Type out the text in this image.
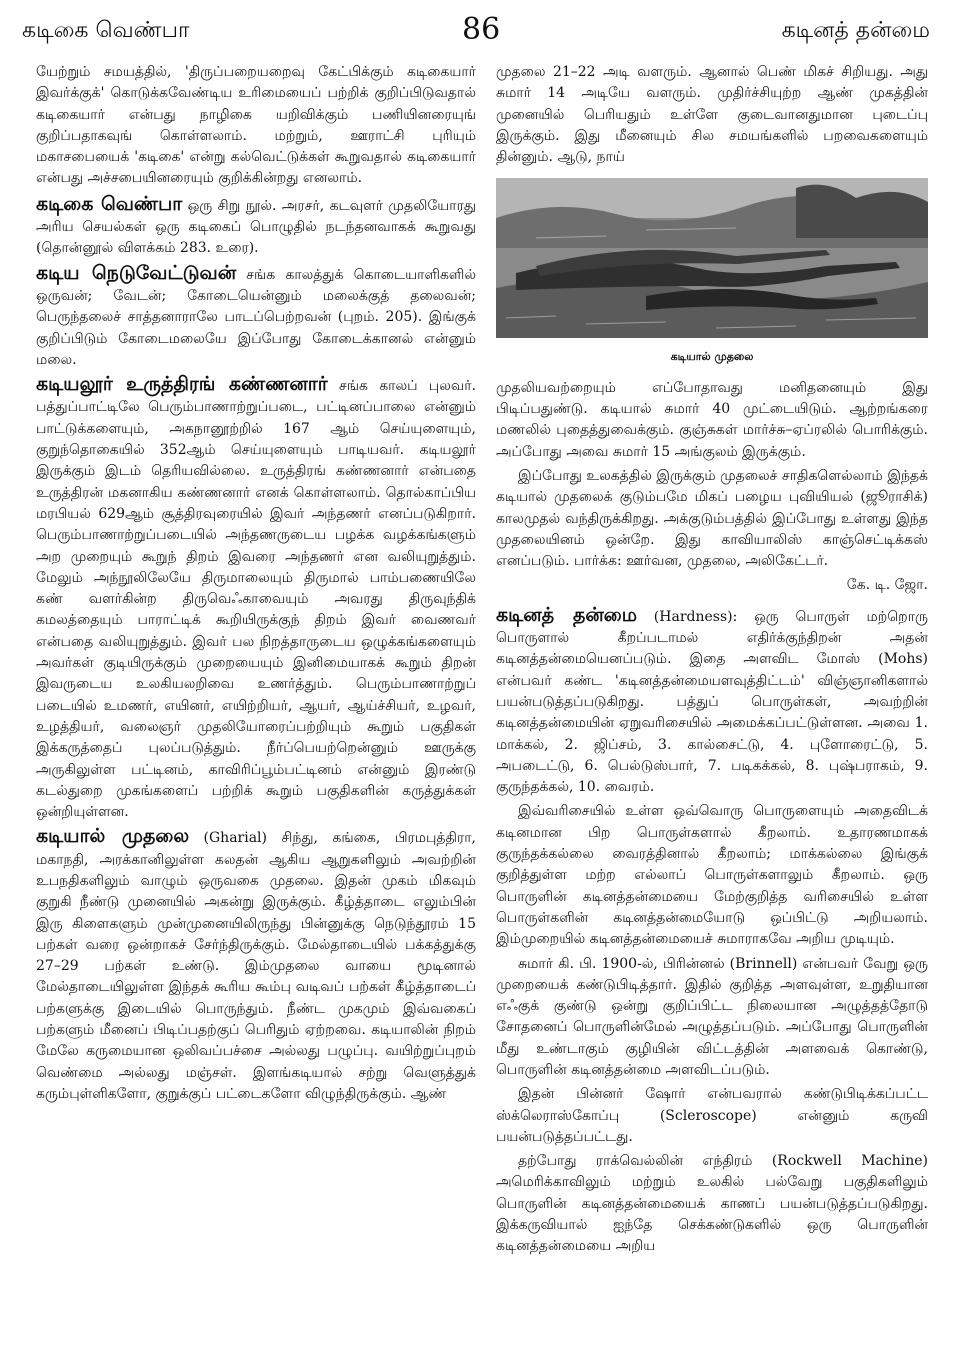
கடிகை வெண்பா	86	கடினத் தன்மை

யேற்றும் சமயத்தில், 'திருப்பறையறைவு கேட்பிக்கும் கடிகையார் இவர்க்குக்' கொடுக்கவேண்டிய உரிமையைப் பற்றிக் குறிப்பிடுவதால் கடிகையார் என்பது நாழிகை யறிவிக்கும் பணியினரையுங் குறிப்பதாகவுங் கொள்ளலாம். மற்றும், ஊராட்சி புரியும் மகாசபையைக் 'கடிகை' என்று கல்வெட்டுக்கள் கூறுவதால் கடிகையார் என்பது அச்சபையினரையும் குறிக்கின்றது எனலாம்.

கடிகை வெண்பா ஒரு சிறு நூல். அரசர், கடவுளர் முதலியோரது அரிய செயல்கள் ஒரு கடிகைப் பொழுதில் நடந்தனவாகக் கூறுவது (தொன்னூல் விளக்கம் 283. உரை).

கடிய நெடுவேட்டுவன் சங்க காலத்துக் கொடையாளிகளில் ஒருவன்; வேடன்; கோடையென்னும் மலைக்குத் தலைவன்; பெருந்தலைச் சாத்தனாராலே பாடப்பெற்றவன் (புறம். 205). இங்குக் குறிப்பிடும் கோடைமலையே இப்போது கோடைக்கானல் என்னும் மலை.

கடியலூர் உருத்திரங் கண்ணனார் சங்க காலப் புலவர். பத்துப்பாட்டிலே பெரும்பாணாற்றுப்படை, பட்டினப்பாலை என்னும் பாட்டுக்களையும், அகநானூற்றில் 167 ஆம் செய்யுளையும், குறுந்தொகையில் 352ஆம் செய்யுளையும் பாடியவர். கடியலூர் இருக்கும் இடம் தெரியவில்லை. உருத்திரங் கண்ணனார் என்பதை உருத்திரன் மகனாகிய கண்ணனார் எனக் கொள்ளலாம். தொல்காப்பிய மரபியல் 629ஆம் சூத்திரவுரையில் இவர் அந்தணர் எனப்படுகிறார். பெரும்பாணாற்றுப்படையில் அந்தணருடைய பழக்க வழக்கங்களும் அற முறையும் கூறுந் திறம் இவரை அந்தணர் என வலியுறுத்தும். மேலும் அந்நூலிலேயே திருமாலையும் திருமால் பாம்பணையிலே கண் வளர்கின்ற திருவெஃகாவையும் அவரது திருவுந்திக் கமலத்தையும் பாராட்டிக் கூறியிருக்குந் திறம் இவர் வைணவர் என்பதை வலியுறுத்தும். இவர் பல நிறத்தாருடைய ஒழுக்கங்களையும் அவர்கள் குடியிருக்கும் முறையையும் இனிமையாகக் கூறும் திறன் இவருடைய உலகியலறிவை உணர்த்தும். பெரும்பாணாற்றுப் படையில் உமணர், எயினர், எயிற்றியர், ஆயர், ஆய்ச்சியர், உழவர், உழத்தியர், வலைஞர் முதலியோரைப்பற்றியும் கூறும் பகுதிகள் இக்கருத்தைப் புலப்படுத்தும். நீர்ப்பெயற்றென்னும் ஊருக்கு அருகிலுள்ள பட்டினம், காவிரிப்பூம்பட்டினம் என்னும் இரண்டு கடல்துறை முகங்களைப் பற்றிக் கூறும் பகுதிகளின் கருத்துக்கள் ஒன்றியுள்ளன.

கடியால் முதலை (Gharial) சிந்து, கங்கை, பிரமபுத்திரா, மகாநதி, அரக்கானிலுள்ள கலதன் ஆகிய ஆறுகளிலும் அவற்றின் உபநதிகளிலும் வாழும் ஒருவகை முதலை. இதன் முகம் மிகவும் குறுகி நீண்டு முனையில் அகன்று இருக்கும். கீழ்த்தாடை எலும்பின் இரு கிளைகளும் முன்முனையிலிருந்து பின்னுக்கு நெடுந்தூரம் 15 பற்கள் வரை ஒன்றாகச் சேர்ந்திருக்கும். மேல்தாடையில் பக்கத்துக்கு 27–29 பற்கள் உண்டு. இம்முதலை வாயை மூடினால் மேல்தாடையிலுள்ள இந்தக் கூரிய கூம்பு வடிவப் பற்கள் கீழ்த்தாடைப் பற்களுக்கு இடையில் பொருந்தும். நீண்ட முகமும் இவ்வகைப் பற்களும் மீனைப் பிடிப்பதற்குப் பெரிதும் ஏற்றவை. கடியாலின் நிறம் மேலே கருமையான ஒலிவப்பச்சை அல்லது பழுப்பு. வயிற்றுப்புறம் வெண்மை அல்லது மஞ்சள். இளங்கடியால் சற்று வெளுத்துக் கரும்புள்ளிகளோ, குறுக்குப் பட்டைகளோ விழுந்திருக்கும். ஆண்

முதலை 21–22 அடி வளரும். ஆனால் பெண் மிகச் சிறியது. அது சுமார் 14 அடியே வளரும். முதிர்ச்சியுற்ற ஆண் முகத்தின் முனையில் பெரியதும் உள்ளே குடைவானதுமான புடைப்பு இருக்கும். இது மீனையும் சில சமயங்களில் பறவைகளையும் தின்னும். ஆடு, நாய்

கடியால் முதலை

முதலியவற்றையும் எப்போதாவது மனிதனையும் இது பிடிப்பதுண்டு. கடியால் சுமார் 40 முட்டையிடும். ஆற்றங்கரை மணலில் புதைத்துவைக்கும். குஞ்சுகள் மார்ச்சு–ஏப்ரலில் பொரிக்கும். அப்போது அவை சுமார் 15 அங்குலம் இருக்கும்.

இப்போது உலகத்தில் இருக்கும் முதலைச் சாதிகளெல்லாம் இந்தக் கடியால் முதலைக் குடும்பமே மிகப் பழைய புவியியல் (ஜூராசிக்) காலமுதல் வந்திருக்கிறது. அக்குடும்பத்தில் இப்போது உள்ளது இந்த முதலையினம் ஒன்றே. இது காவியாலிஸ் காஞ்செட்டிக்கஸ் எனப்படும். பார்க்க: ஊர்வன, முதலை, அலிகேட்டர்.

கே. டி. ஜோ.

கடினத் தன்மை (Hardness): ஒரு பொருள் மற்றொரு பொருளால் கீறப்படாமல் எதிர்க்குந்திறன் அதன் கடினத்தன்மையெனப்படும். இதை அளவிட மோஸ் (Mohs) என்பவர் கண்ட 'கடினத்தன்மையளவுத்திட்டம்' விஞ்ஞானிகளால் பயன்படுத்தப்படுகிறது. பத்துப் பொருள்கள், அவற்றின் கடினத்தன்மையின் ஏறுவரிசையில் அமைக்கப்பட்டுள்ளன. அவை 1. மாக்கல், 2. ஜிப்சம், 3. கால்சைட்டு, 4. புளோரைட்டு, 5. அபடைட்டு, 6. பெல்டுஸ்பார், 7. படிகக்கல், 8. புஷ்பராகம், 9. குருந்தக்கல், 10. வைரம்.

இவ்வரிசையில் உள்ள ஒவ்வொரு பொருளையும் அதைவிடக் கடினமான பிற பொருள்களால் கீறலாம். உதாரணமாகக் குருந்தக்கல்லை வைரத்தினால் கீறலாம்; மாக்கல்லை இங்குக் குறித்துள்ள மற்ற எல்லாப் பொருள்களாலும் கீறலாம். ஒரு பொருளின் கடினத்தன்மையை மேற்குறித்த வரிசையில் உள்ள பொருள்களின் கடினத்தன்மையோடு ஒப்பிட்டு அறியலாம். இம்முறையில் கடினத்தன்மையைச் சுமாராகவே அறிய முடியும்.

சுமார் கி. பி. 1900-ல், பிரின்னல் (Brinnell) என்பவர் வேறு ஒரு முறையைக் கண்டுபிடித்தார். இதில் குறித்த அளவுள்ள, உறுதியான எஃகுக் குண்டு ஒன்று குறிப்பிட்ட நிலையான அழுத்தத்தோடு சோதனைப் பொருளின்மேல் அழுத்தப்படும். அப்போது பொருளின் மீது உண்டாகும் குழியின் விட்டத்தின் அளவைக் கொண்டு, பொருளின் கடினத்தன்மை அளவிடப்படும்.

இதன் பின்னர் ஷோர் என்பவரால் கண்டுபிடிக்கப்பட்ட ஸ்க்லெராஸ்கோப்பு (Scleroscope) என்னும் கருவி பயன்படுத்தப்பட்டது.

தற்போது ராக்வெல்லின் எந்திரம் (Rockwell Machine) அமெரிக்காவிலும் மற்றும் உலகில் பல்வேறு பகுதிகளிலும் பொருளின் கடினத்தன்மையைக் காணப் பயன்படுத்தப்படுகிறது. இக்கருவியால் ஐந்தே செக்கண்டுகளில் ஒரு பொருளின் கடினத்தன்மையை அறிய
